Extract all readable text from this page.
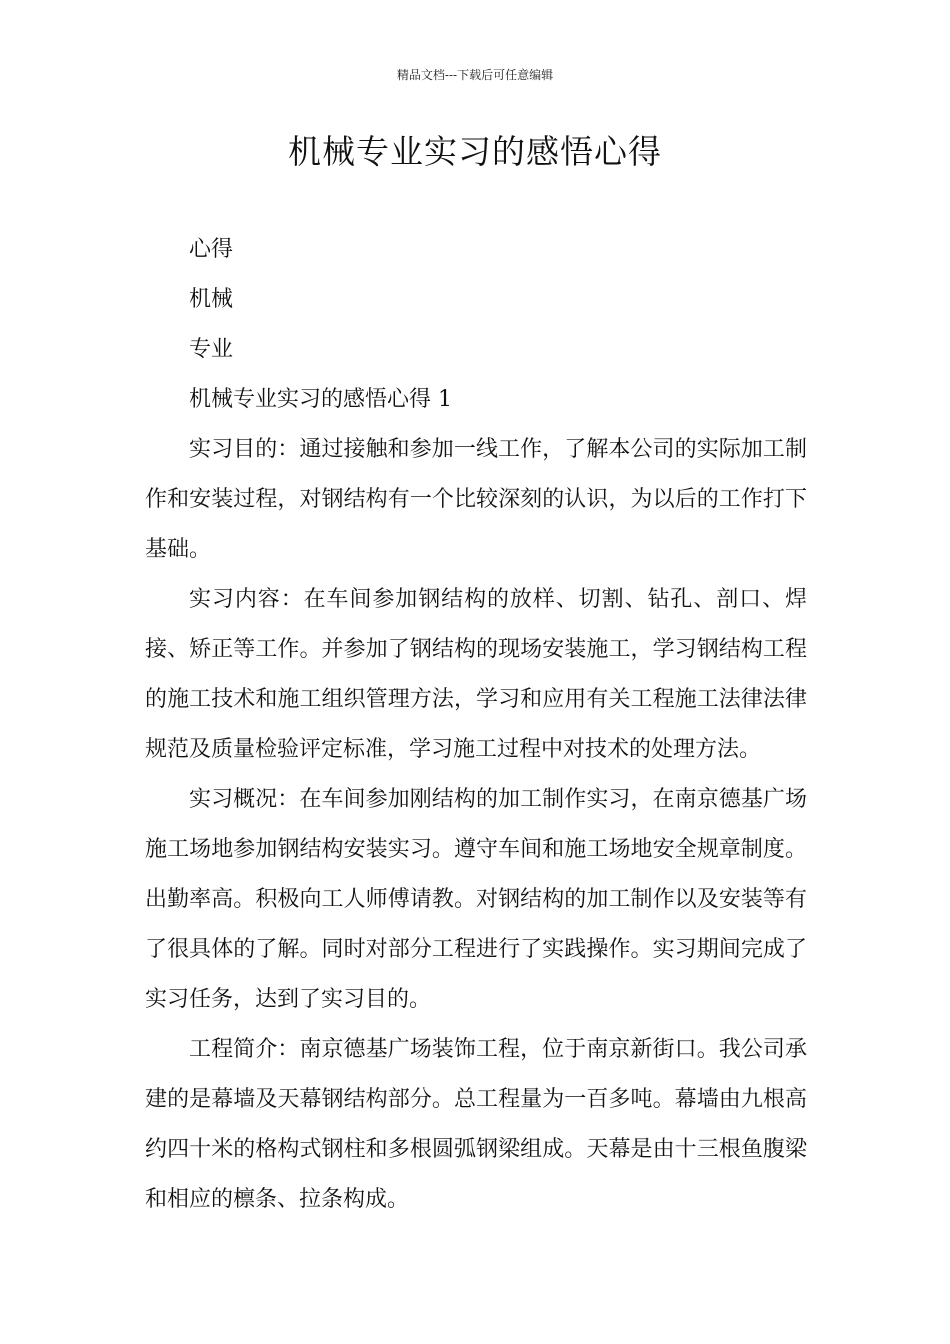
精品文档---下载后可任意编辑
机械专业实习的感悟心得

心得

机械

专业

机械专业实习的感悟心得 1

实习目的：通过接触和参加一线工作，了解本公司的实际加工制作和安装过程，对钢结构有一个比较深刻的认识，为以后的工作打下基础。

实习内容：在车间参加钢结构的放样、切割、钻孔、剖口、焊接、矫正等工作。并参加了钢结构的现场安装施工，学习钢结构工程的施工技术和施工组织管理方法，学习和应用有关工程施工法律法律规范及质量检验评定标准，学习施工过程中对技术的处理方法。

实习概况：在车间参加刚结构的加工制作实习，在南京德基广场施工场地参加钢结构安装实习。遵守车间和施工场地安全规章制度。出勤率高。积极向工人师傅请教。对钢结构的加工制作以及安装等有了很具体的了解。同时对部分工程进行了实践操作。实习期间完成了实习任务，达到了实习目的。

工程简介：南京德基广场装饰工程，位于南京新街口。我公司承建的是幕墙及天幕钢结构部分。总工程量为一百多吨。幕墙由九根高约四十米的格构式钢柱和多根圆弧钢梁组成。天幕是由十三根鱼腹梁和相应的檩条、拉条构成。
